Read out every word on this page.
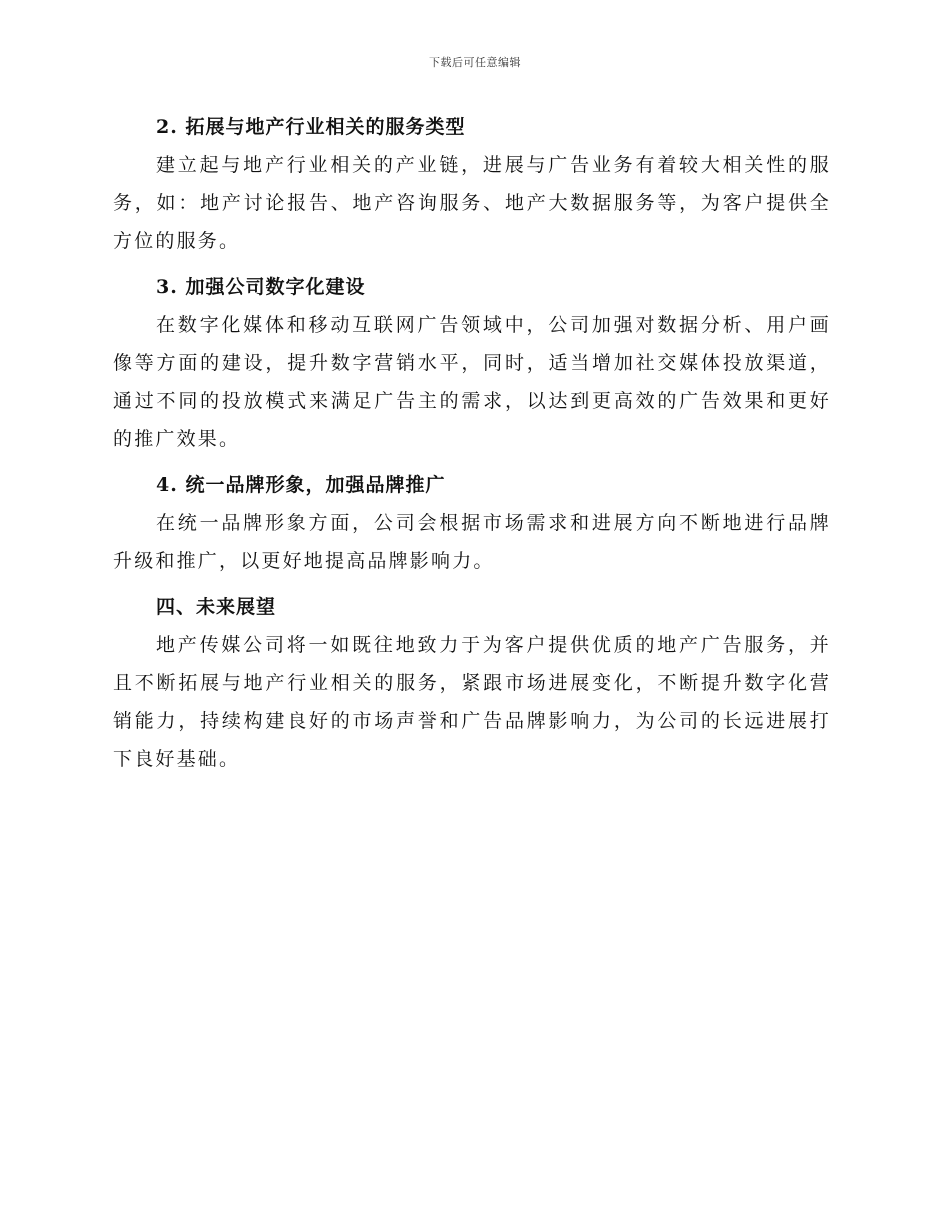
下载后可任意编辑

2. 拓展与地产行业相关的服务类型

建立起与地产行业相关的产业链，进展与广告业务有着较大相关性的服务，如：地产讨论报告、地产咨询服务、地产大数据服务等，为客户提供全方位的服务。

3. 加强公司数字化建设

在数字化媒体和移动互联网广告领域中，公司加强对数据分析、用户画像等方面的建设，提升数字营销水平，同时，适当增加社交媒体投放渠道，通过不同的投放模式来满足广告主的需求，以达到更高效的广告效果和更好的推广效果。

4. 统一品牌形象，加强品牌推广

在统一品牌形象方面，公司会根据市场需求和进展方向不断地进行品牌升级和推广，以更好地提高品牌影响力。

四、未来展望

地产传媒公司将一如既往地致力于为客户提供优质的地产广告服务，并且不断拓展与地产行业相关的服务，紧跟市场进展变化，不断提升数字化营销能力，持续构建良好的市场声誉和广告品牌影响力，为公司的长远进展打下良好基础。
